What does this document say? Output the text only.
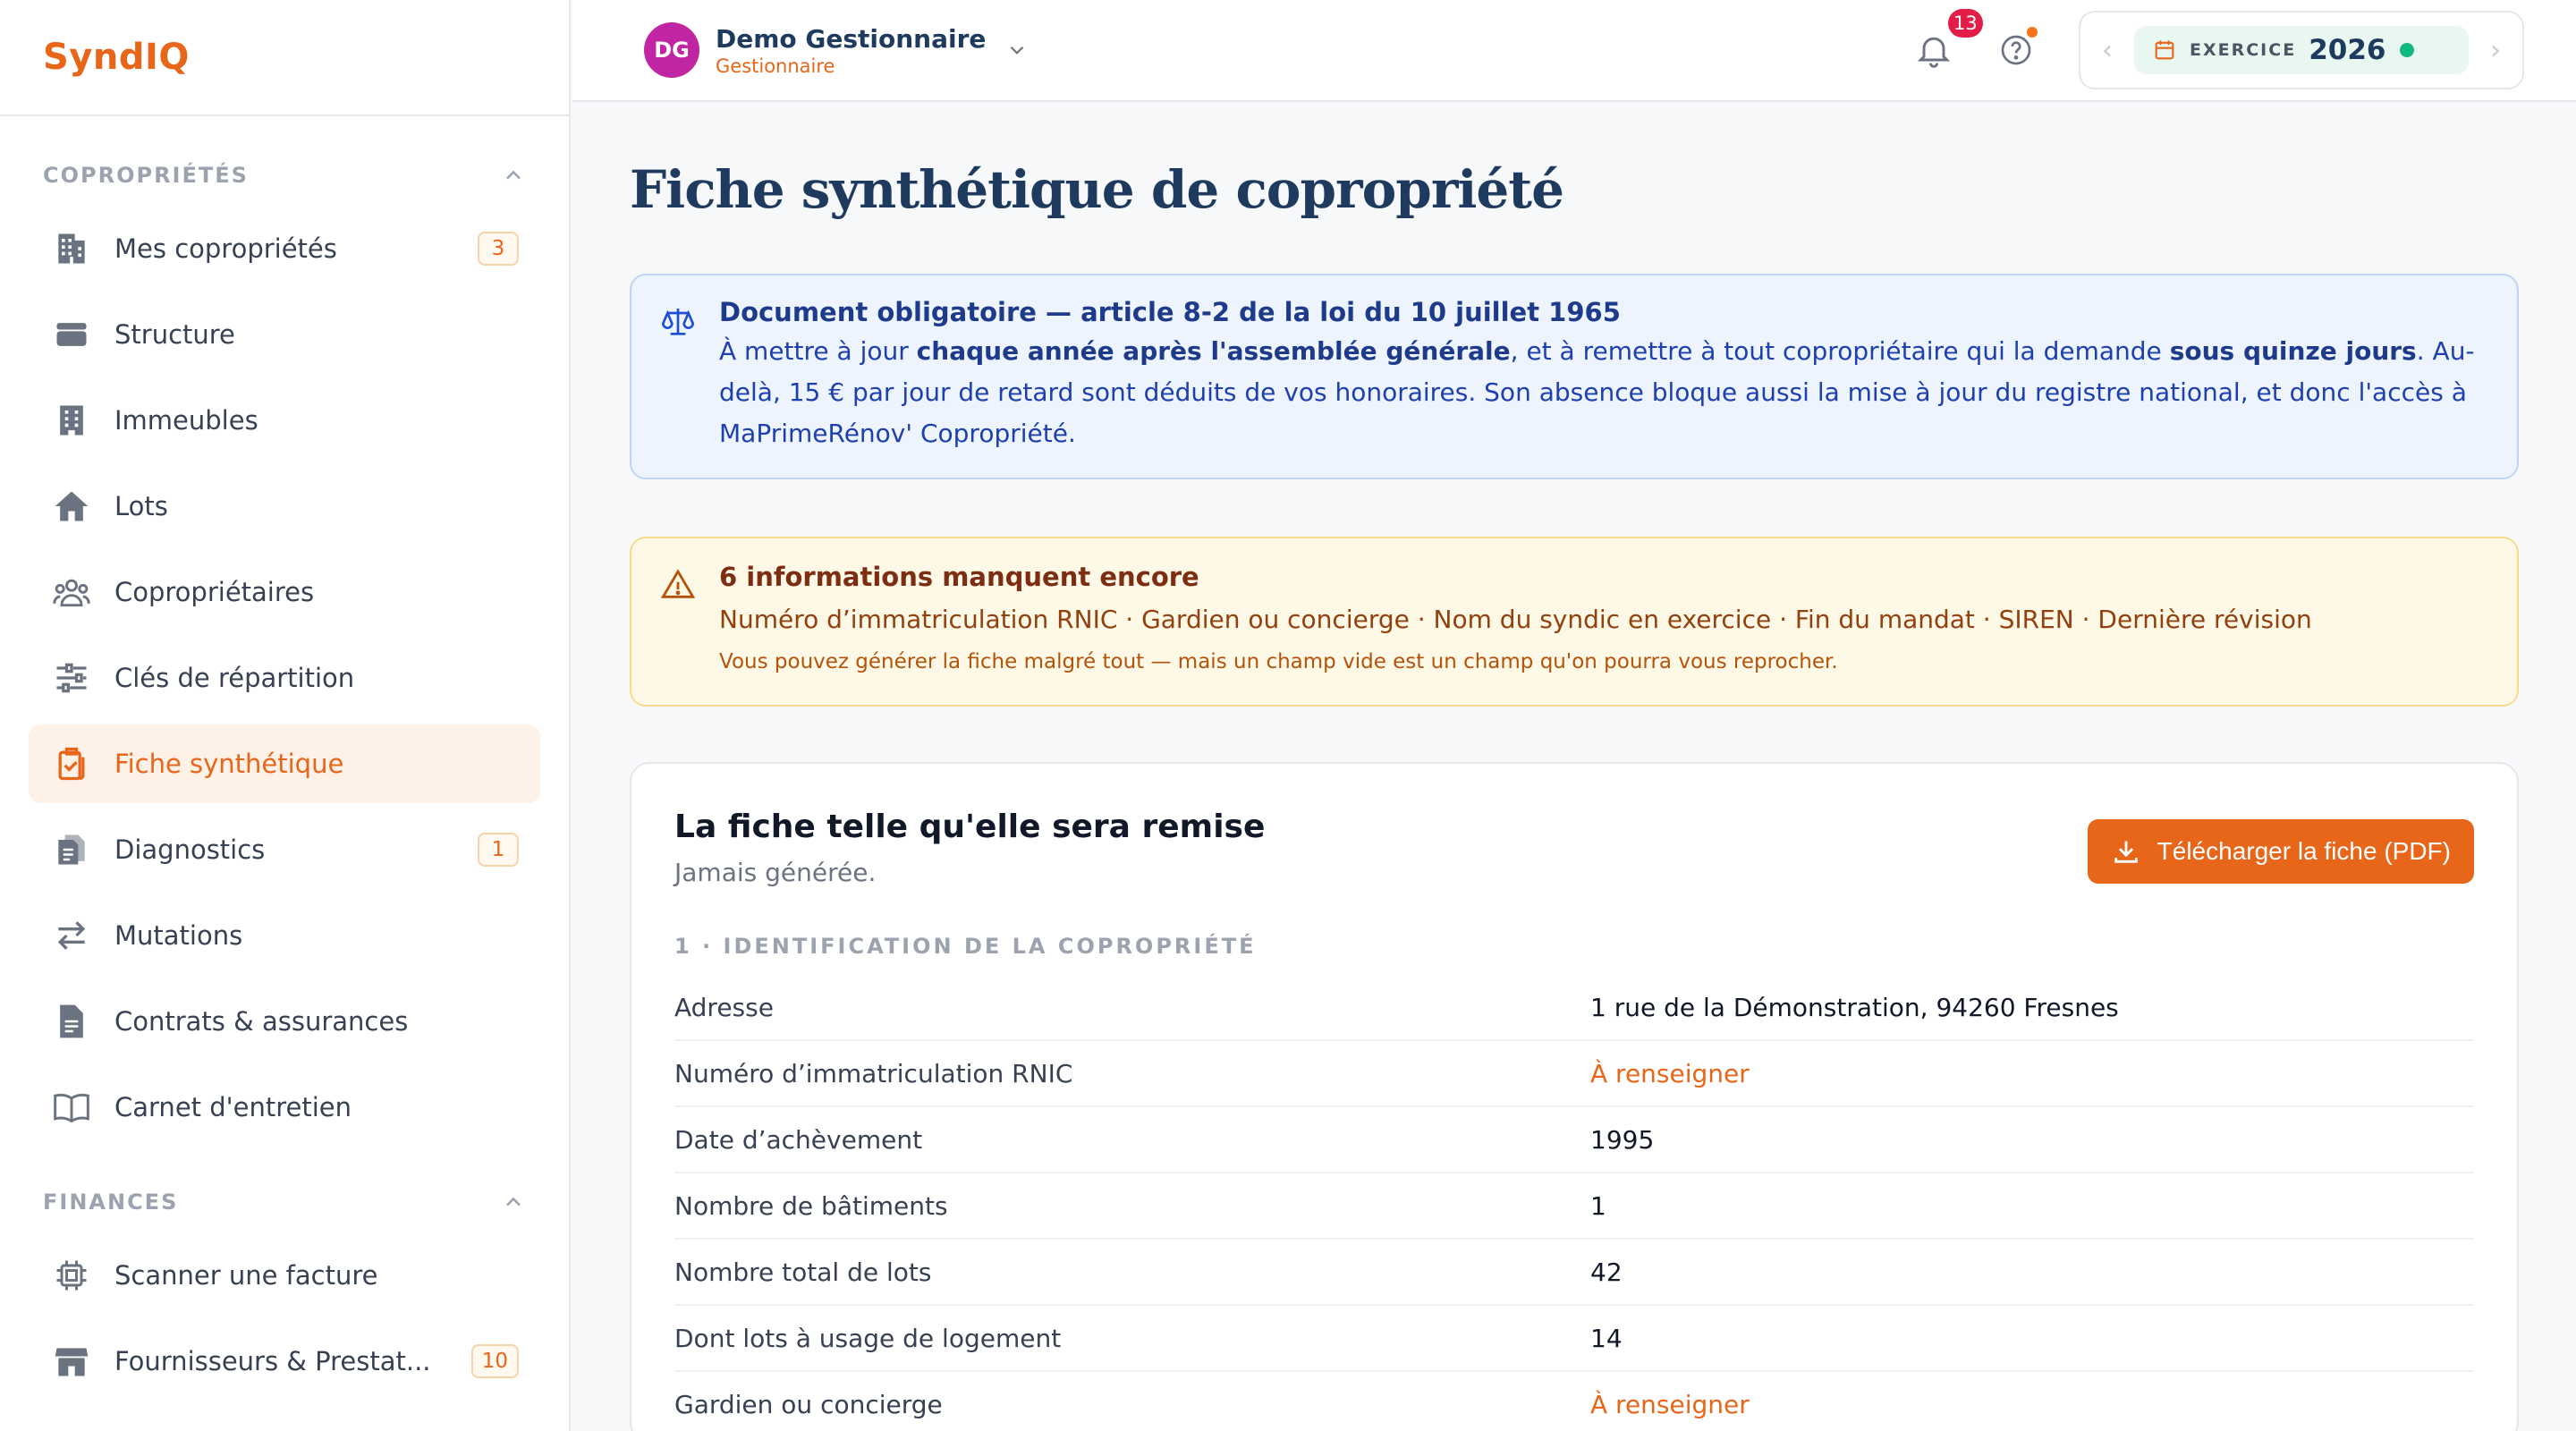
SyndIQ
COPROPRIÉTÉS
Mes copropriétés	3
Structure
Immeubles
Lots
Copropriétaires
Clés de répartition
Fiche synthétique
Diagnostics	1
Mutations
Contrats & assurances
Carnet d'entretien
FINANCES
Scanner une facture
Fournisseurs & Prestat...	10
DG	Demo Gestionnaire
Gestionnaire
13
‹	EXERCICE 2026	›
Fiche synthétique de copropriété
Document obligatoire — article 8-2 de la loi du 10 juillet 1965
À mettre à jour chaque année après l'assemblée générale, et à remettre à tout copropriétaire qui la demande sous quinze jours. Au-delà, 15 € par jour de retard sont déduits de vos honoraires. Son absence bloque aussi la mise à jour du registre national, et donc l'accès à MaPrimeRénov' Copropriété.
6 informations manquent encore
Numéro d’immatriculation RNIC · Gardien ou concierge · Nom du syndic en exercice · Fin du mandat · SIREN · Dernière révision
Vous pouvez générer la fiche malgré tout — mais un champ vide est un champ qu'on pourra vous reprocher.
La fiche telle qu'elle sera remise
Jamais générée.
Télécharger la fiche (PDF)
1 · IDENTIFICATION DE LA COPROPRIÉTÉ
Adresse	1 rue de la Démonstration, 94260 Fresnes
Numéro d’immatriculation RNIC	À renseigner
Date d’achèvement	1995
Nombre de bâtiments	1
Nombre total de lots	42
Dont lots à usage de logement	14
Gardien ou concierge	À renseigner
